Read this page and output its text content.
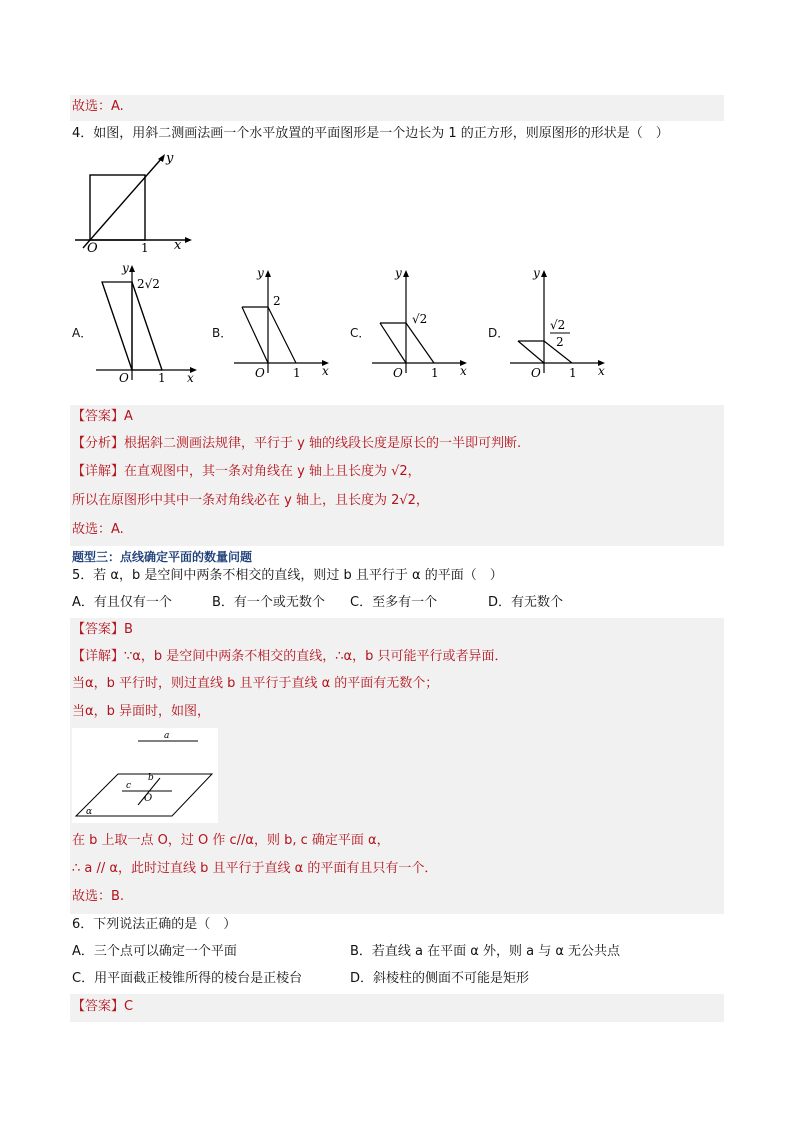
故选：A.
4．如图，用斜二测画法画一个水平放置的平面图形是一个边长为 1 的正方形，则原图形的形状是（　）
y
x
O	1
A．
y
2√2
O 1 x
B．
y
2
O 1 x
C．
y
√2
O 1 x
D．
y
√2
2
O 1 x
【答案】A
【分析】根据斜二测画法规律，平行于 y 轴的线段长度是原长的一半即可判断.
【详解】在直观图中，其一条对角线在 y 轴上且长度为 √2，
所以在原图形中其中一条对角线必在 y 轴上，且长度为 2√2，
故选：A.
题型三：点线确定平面的数量问题
5．若 α，b 是空间中两条不相交的直线，则过 b 且平行于 α 的平面（　）
A．有且仅有一个	B．有一个或无数个 C．至多有一个	D．有无数个
【答案】B
【详解】∵α，b 是空间中两条不相交的直线，∴α，b 只可能平行或者异面．
当α，b 平行时，则过直线 b 且平行于直线 α 的平面有无数个；
当α，b 异面时，如图，
a
c
b
O
α
在 b 上取一点 O，过 O 作 c//α，则 b, c 确定平面 α，
∴ a // α，此时过直线 b 且平行于直线 α 的平面有且只有一个．
故选：B.
6．下列说法正确的是（　）
A．三个点可以确定一个平面	B．若直线 a 在平面 α 外，则 a 与 α 无公共点
C．用平面截正棱锥所得的棱台是正棱台	D．斜棱柱的侧面不可能是矩形
【答案】C
